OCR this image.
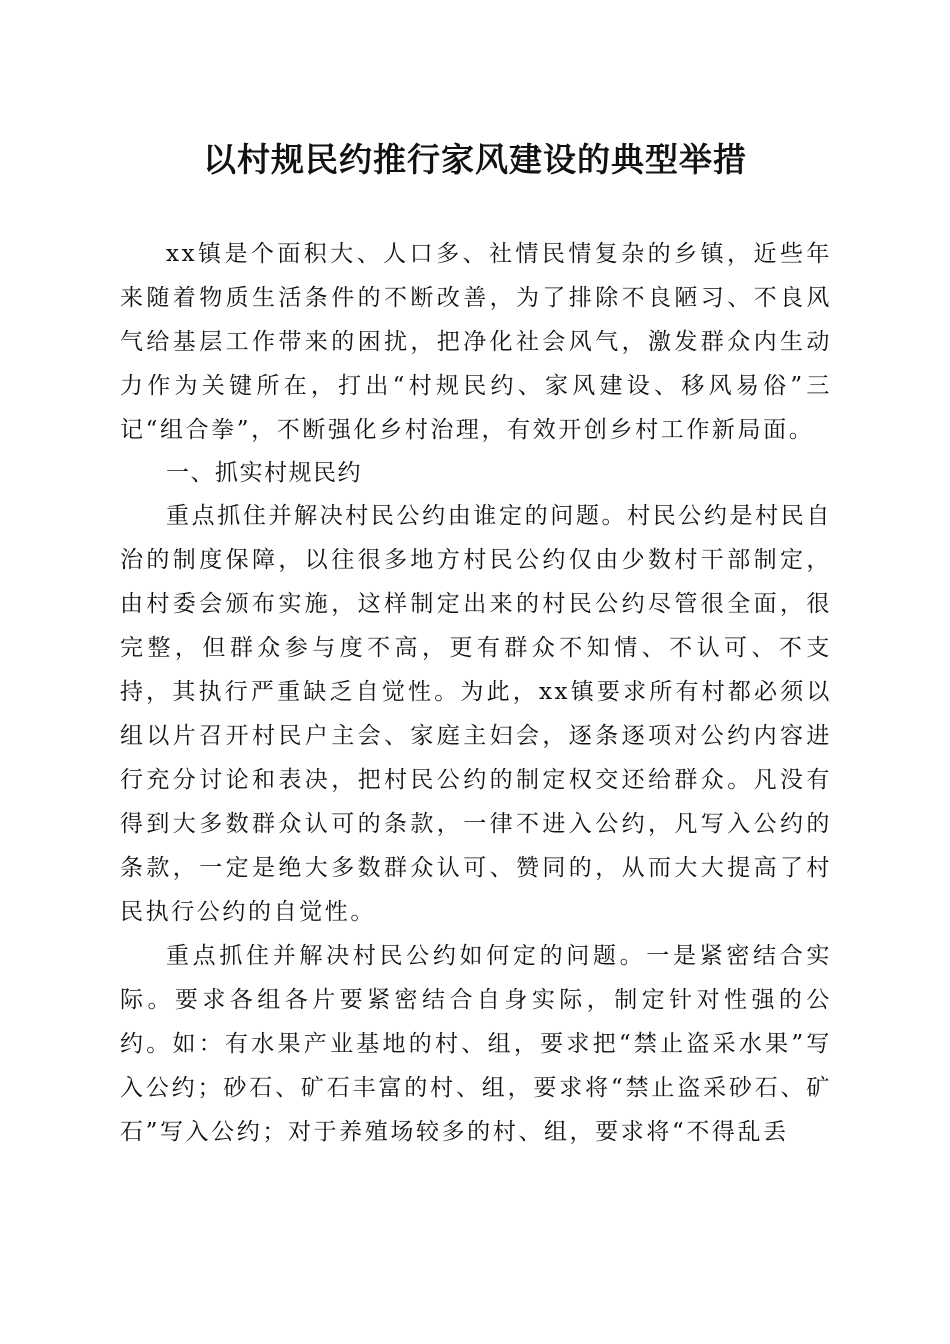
以村规民约推行家风建设的典型举措

xx镇是个面积大、人口多、社情民情复杂的乡镇，近些年来随着物质生活条件的不断改善，为了排除不良陋习、不良风气给基层工作带来的困扰，把净化社会风气，激发群众内生动力作为关键所在，打出“村规民约、家风建设、移风易俗”三记“组合拳”，不断强化乡村治理，有效开创乡村工作新局面。

一、抓实村规民约

重点抓住并解决村民公约由谁定的问题。村民公约是村民自治的制度保障，以往很多地方村民公约仅由少数村干部制定，由村委会颁布实施，这样制定出来的村民公约尽管很全面，很完整，但群众参与度不高，更有群众不知情、不认可、不支持，其执行严重缺乏自觉性。为此，xx镇要求所有村都必须以组以片召开村民户主会、家庭主妇会，逐条逐项对公约内容进行充分讨论和表决，把村民公约的制定权交还给群众。凡没有得到大多数群众认可的条款，一律不进入公约，凡写入公约的条款，一定是绝大多数群众认可、赞同的，从而大大提高了村民执行公约的自觉性。

重点抓住并解决村民公约如何定的问题。一是紧密结合实际。要求各组各片要紧密结合自身实际，制定针对性强的公约。如：有水果产业基地的村、组，要求把“禁止盗采水果”写入公约；砂石、矿石丰富的村、组，要求将“禁止盗采砂石、矿石”写入公约；对于养殖场较多的村、组，要求将“不得乱丢
